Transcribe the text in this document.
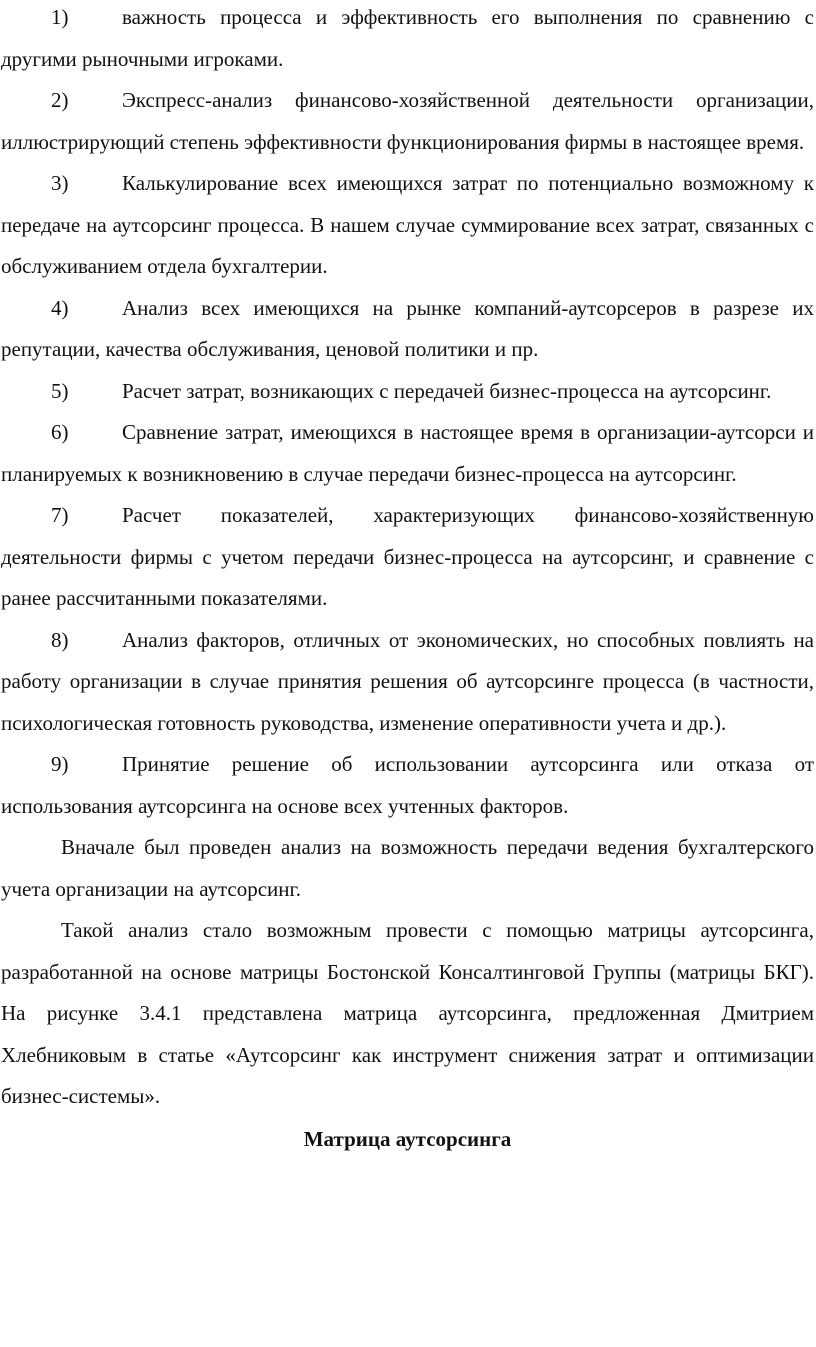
1)	важность процесса и эффективность его выполнения по сравнению с другими рыночными игроками.

2)	Экспресс-анализ финансово-хозяйственной деятельности организации, иллюстрирующий степень эффективности функционирования фирмы в настоящее время.

3)	Калькулирование всех имеющихся затрат по потенциально возможному к передаче на аутсорсинг процесса. В нашем случае суммирование всех затрат, связанных с обслуживанием отдела бухгалтерии.

4)	Анализ всех имеющихся на рынке компаний-аутсорсеров в разрезе их репутации, качества обслуживания, ценовой политики и пр.

5)	Расчет затрат, возникающих с передачей бизнес-процесса на аутсорсинг.

6)	Сравнение затрат, имеющихся в настоящее время в организации-аутсорси и планируемых к возникновению в случае передачи бизнес-процесса на аутсорсинг.

7)	Расчет показателей, характеризующих финансово-хозяйственную деятельности фирмы с учетом передачи бизнес-процесса на аутсорсинг, и сравнение с ранее рассчитанными показателями.

8)	Анализ факторов, отличных от экономических, но способных повлиять на работу организации в случае принятия решения об аутсорсинге процесса (в частности, психологическая готовность руководства, изменение оперативности учета и др.).

9)	Принятие решение об использовании аутсорсинга или отказа от использования аутсорсинга на основе всех учтенных факторов.

Вначале был проведен анализ на возможность передачи ведения бухгалтерского учета организации на аутсорсинг.

Такой анализ стало возможным провести с помощью матрицы аутсорсинга, разработанной на основе матрицы Бостонской Консалтинговой Группы (матрицы БКГ). На рисунке 3.4.1 представлена матрица аутсорсинга, предложенная Дмитрием Хлебниковым в статье «Аутсорсинг как инструмент снижения затрат и оптимизации бизнес-системы».

Матрица аутсорсинга
